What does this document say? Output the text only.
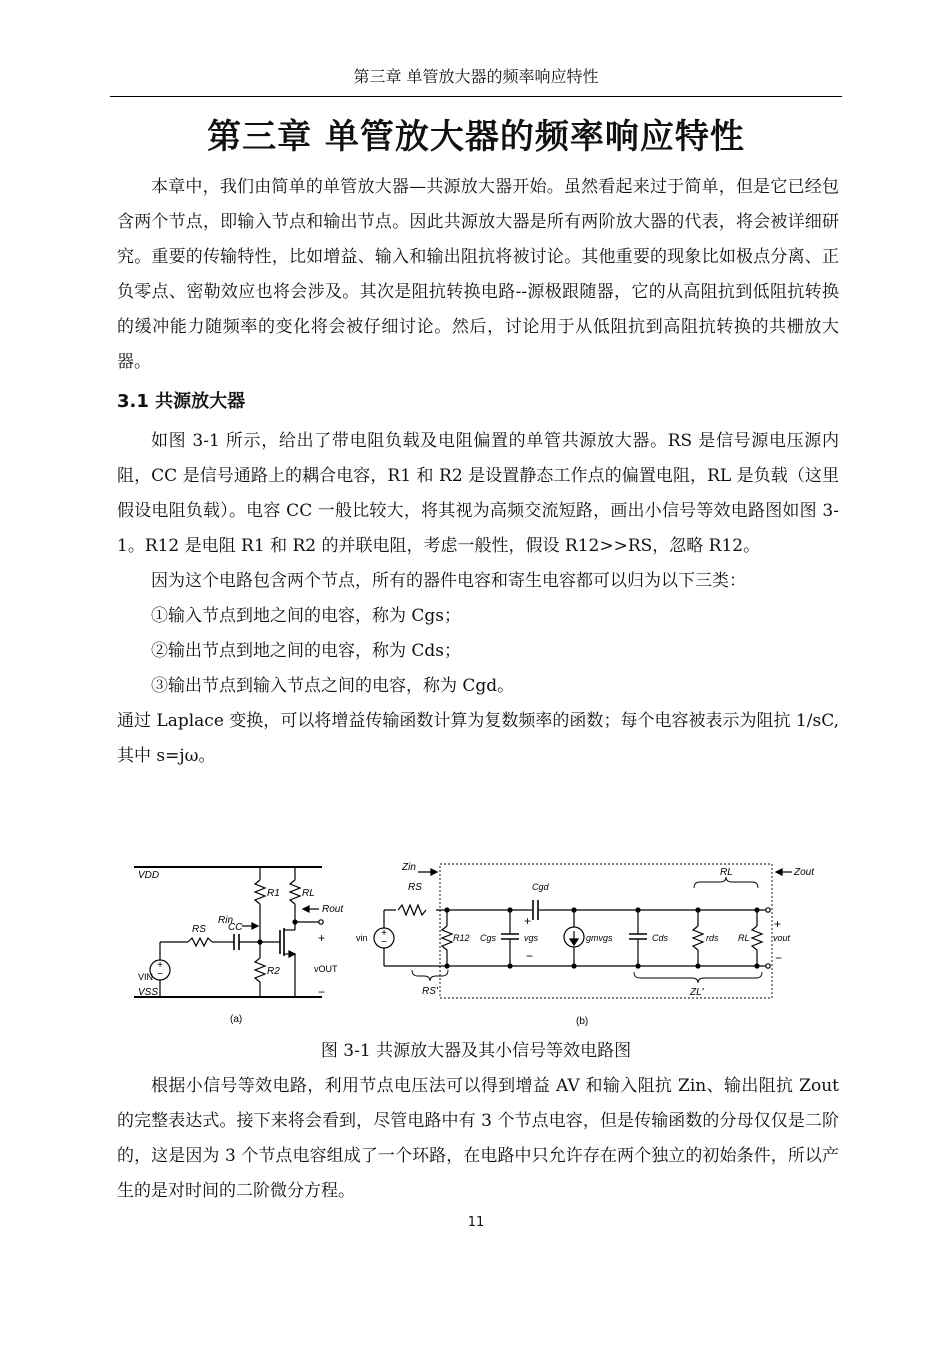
第三章 单管放大器的频率响应特性
第三章 单管放大器的频率响应特性

本章中，我们由简单的单管放大器—共源放大器开始。虽然看起来过于简单，但是它已经包含两个节点，即输入节点和输出节点。因此共源放大器是所有两阶放大器的代表，将会被详细研究。重要的传输特性，比如增益、输入和输出阻抗将被讨论。其他重要的现象比如极点分离、正负零点、密勒效应也将会涉及。其次是阻抗转换电路--源极跟随器，它的从高阻抗到低阻抗转换的缓冲能力随频率的变化将会被仔细讨论。然后，讨论用于从低阻抗到高阻抗转换的共栅放大器。

3.1 共源放大器

如图 3-1 所示，给出了带电阻负载及电阻偏置的单管共源放大器。RS 是信号源电压源内阻，CC 是信号通路上的耦合电容，R1 和 R2 是设置静态工作点的偏置电阻，RL 是负载（这里假设电阻负载）。电容 CC 一般比较大，将其视为高频交流短路，画出小信号等效电路图如图 3-1。R12 是电阻 R1 和 R2 的并联电阻，考虑一般性，假设 R12>>RS，忽略 R12。

因为这个电路包含两个节点，所有的器件电容和寄生电容都可以归为以下三类：

①输入节点到地之间的电容，称为 Cgs；

②输出节点到地之间的电容，称为 Cds；

③输出节点到输入节点之间的电容，称为 Cgd。

通过 Laplace 变换，可以将增益传输函数计算为复数频率的函数；每个电容被表示为阻抗 1/sC,其中 s=jω。

+
−
VDD
VSS
VIN
R1 RL
R2
RS CC
Rin
Rout
vOUT
+
−
(a)
+
−
Zin	Zout
RS
RS'
vin	R12 Cgs	vgs
+
−
Cgd
gmvgs	Cds	rds RL
RL
ZL'
vout
+
−
(b)
图 3-1 共源放大器及其小信号等效电路图

根据小信号等效电路，利用节点电压法可以得到增益 AV 和输入阻抗 Zin、输出阻抗 Zout 的完整表达式。接下来将会看到，尽管电路中有 3 个节点电容，但是传输函数的分母仅仅是二阶的，这是因为 3 个节点电容组成了一个环路，在电路中只允许存在两个独立的初始条件，所以产生的是对时间的二阶微分方程。

11
